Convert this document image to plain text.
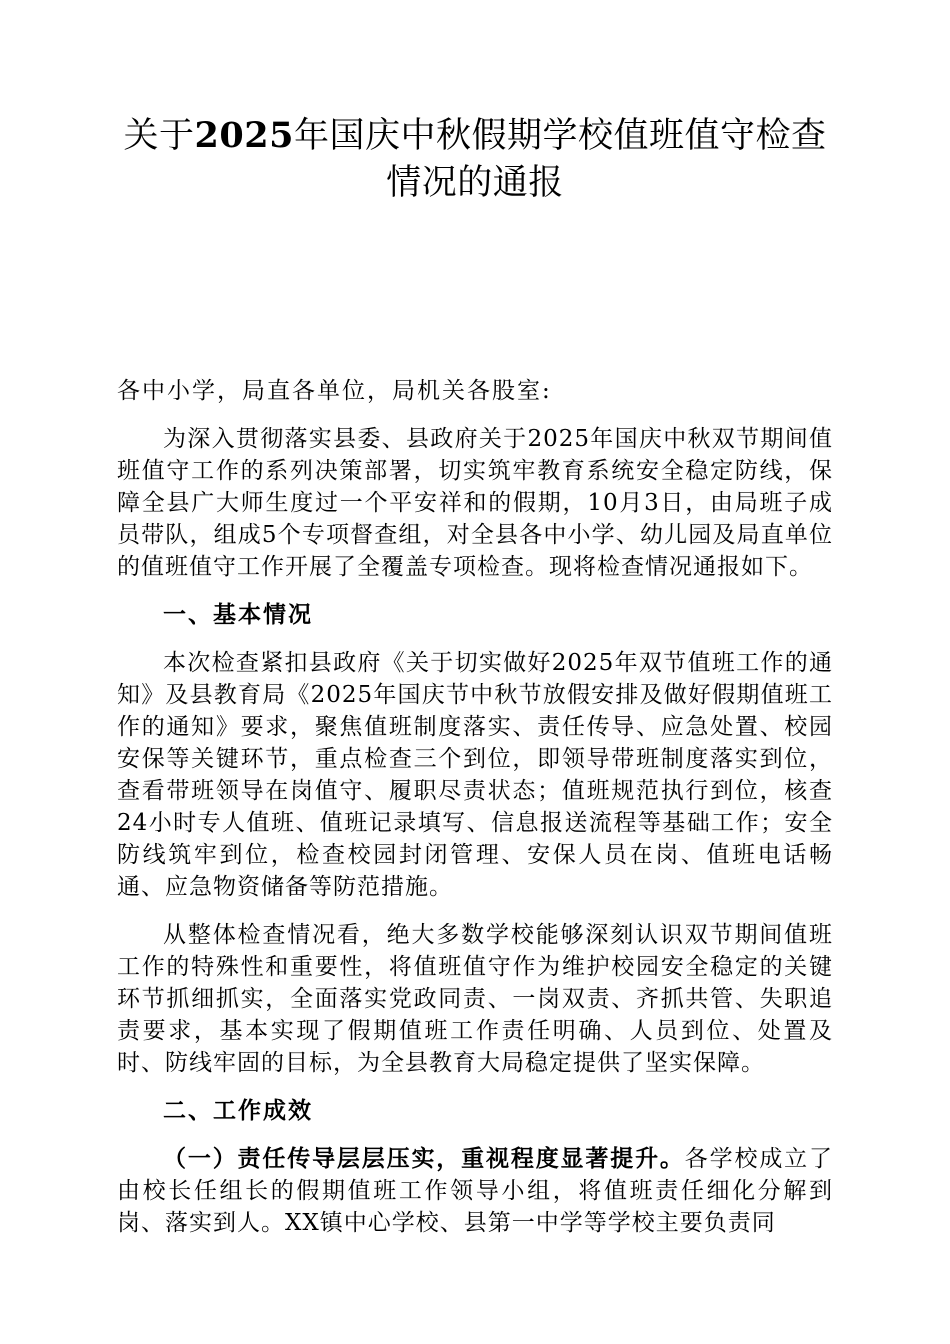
关于2025年国庆中秋假期学校值班值守检查情况的通报

各中小学，局直各单位，局机关各股室:

为深入贯彻落实县委、县政府关于2025年国庆中秋双节期间值班值守工作的系列决策部署，切实筑牢教育系统安全稳定防线，保障全县广大师生度过一个平安祥和的假期，10月3日，由局班子成员带队，组成5个专项督查组，对全县各中小学、幼儿园及局直单位的值班值守工作开展了全覆盖专项检查。现将检查情况通报如下。

一、基本情况

本次检查紧扣县政府《关于切实做好2025年双节值班工作的通知》及县教育局《2025年国庆节中秋节放假安排及做好假期值班工作的通知》要求，聚焦值班制度落实、责任传导、应急处置、校园安保等关键环节，重点检查三个到位，即领导带班制度落实到位，查看带班领导在岗值守、履职尽责状态；值班规范执行到位，核查24小时专人值班、值班记录填写、信息报送流程等基础工作；安全防线筑牢到位，检查校园封闭管理、安保人员在岗、值班电话畅通、应急物资储备等防范措施。

从整体检查情况看，绝大多数学校能够深刻认识双节期间值班工作的特殊性和重要性，将值班值守作为维护校园安全稳定的关键环节抓细抓实，全面落实党政同责、一岗双责、齐抓共管、失职追责要求，基本实现了假期值班工作责任明确、人员到位、处置及时、防线牢固的目标，为全县教育大局稳定提供了坚实保障。

二、工作成效

（一）责任传导层层压实，重视程度显著提升。各学校成立了由校长任组长的假期值班工作领导小组，将值班责任细化分解到岗、落实到人。XX镇中心学校、县第一中学等学校主要负责同
